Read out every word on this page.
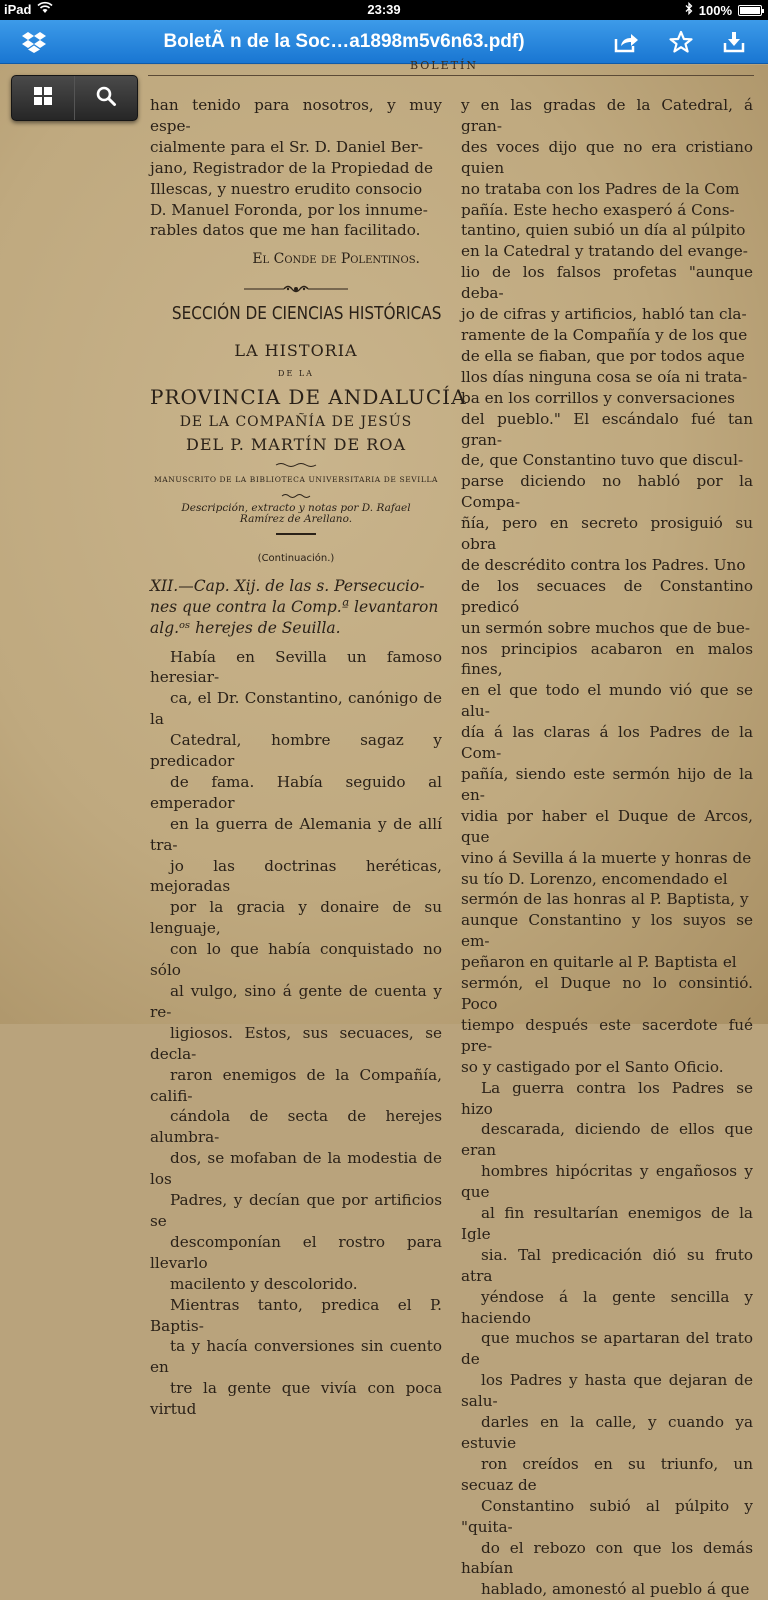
iPad	23:39	100%
BoletÃ n de la Soc…a1898m5v6n63.pdf)
BOLETÍN

han tenido para nosotros, y muy espe-
cialmente para el Sr. D. Daniel Ber-
jano, Registrador de la Propiedad de
Illescas, y nuestro erudito consocio
D. Manuel Foronda, por los innume-
rables datos que me han facilitado.

El Conde de Polentinos.

SECCIÓN DE CIENCIAS HISTÓRICAS
LA HISTORIA
DE LA
PROVINCIA DE ANDALUCÍA
DE LA COMPAÑÍA DE JESÚS
DEL P. MARTÍN DE ROA
MANUSCRITO DE LA BIBLIOTECA UNIVERSITARIA DE SEVILLA
Descripción, extracto y notas por D. Rafael
Ramírez de Arellano.
(Continuación.)

XII.—Cap. Xij. de las s. Persecucio-
nes que contra la Comp.ª levantaron
alg.ᵒˢ herejes de Seuilla.

Había en Sevilla un famoso heresiar-
ca, el Dr. Constantino, canónigo de la
Catedral, hombre sagaz y predicador
de fama. Había seguido al emperador
en la guerra de Alemania y de allí tra-
jo las doctrinas heréticas, mejoradas
por la gracia y donaire de su lenguaje,
con lo que había conquistado no sólo
al vulgo, sino á gente de cuenta y re-
ligiosos. Estos, sus secuaces, se decla-
raron enemigos de la Compañía, califi-
cándola de secta de herejes alumbra-
dos, se mofaban de la modestia de los
Padres, y decían que por artificios se
descomponían el rostro para llevarlo
macilento y descolorido.

Mientras tanto, predica el P. Baptis-
ta y hacía conversiones sin cuento en
tre la gente que vivía con poca virtud

y en las gradas de la Catedral, á gran-
des voces dijo que no era cristiano quien
no trataba con los Padres de la Com
pañía. Este hecho exasperó á Cons-
tantino, quien subió un día al púlpito
en la Catedral y tratando del evange-
lio de los falsos profetas "aunque deba-
jo de cifras y artificios, habló tan cla-
ramente de la Compañía y de los que
de ella se fiaban, que por todos aque
llos días ninguna cosa se oía ni trata-
ba en los corrillos y conversaciones
del pueblo." El escándalo fué tan gran-
de, que Constantino tuvo que discul-
parse diciendo no habló por la Compa-
ñía, pero en secreto prosiguió su obra
de descrédito contra los Padres. Uno
de los secuaces de Constantino predicó
un sermón sobre muchos que de bue-
nos principios acabaron en malos fines,
en el que todo el mundo vió que se alu-
día á las claras á los Padres de la Com-
pañía, siendo este sermón hijo de la en-
vidia por haber el Duque de Arcos, que
vino á Sevilla á la muerte y honras de
su tío D. Lorenzo, encomendado el
sermón de las honras al P. Baptista, y
aunque Constantino y los suyos se em-
peñaron en quitarle al P. Baptista el
sermón, el Duque no lo consintió. Poco
tiempo después este sacerdote fué pre-
so y castigado por el Santo Oficio.

La guerra contra los Padres se hizo
descarada, diciendo de ellos que eran
hombres hipócritas y engañosos y que
al fin resultarían enemigos de la Igle
sia. Tal predicación dió su fruto atra
yéndose á la gente sencilla y haciendo
que muchos se apartaran del trato de
los Padres y hasta que dejaran de salu-
darles en la calle, y cuando ya estuvie
ron creídos en su triunfo, un secuaz de
Constantino subió al púlpito y "quita-
do el rebozo con que los demás habían
hablado, amonestó al pueblo á que
